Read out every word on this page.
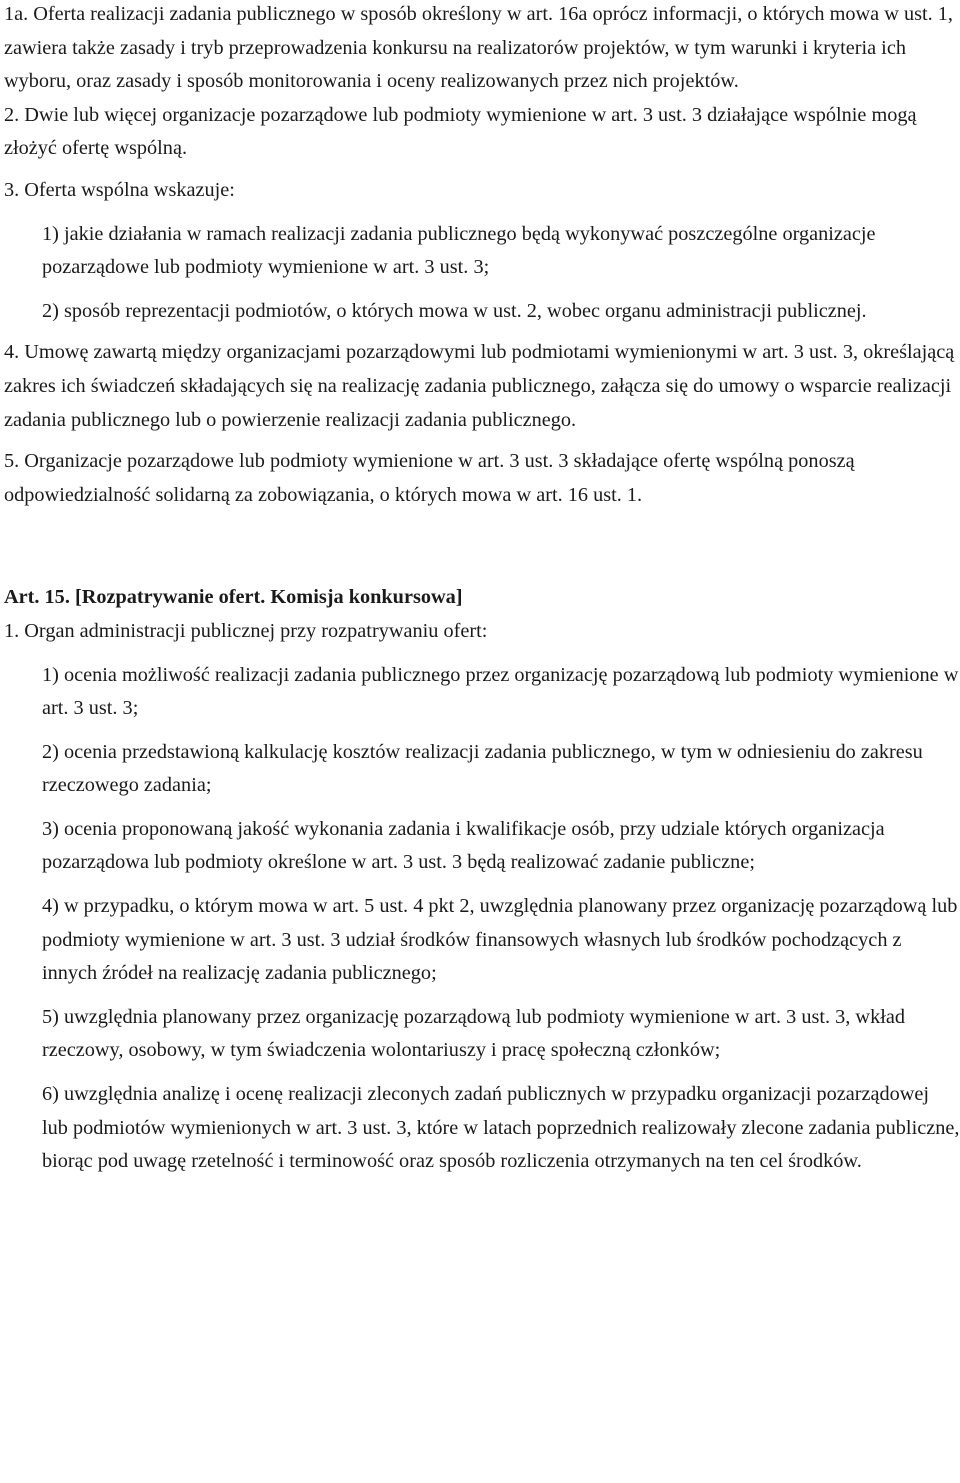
1a. Oferta realizacji zadania publicznego w sposób określony w art. 16a oprócz informacji, o których mowa w ust. 1, zawiera także zasady i tryb przeprowadzenia konkursu na realizatorów projektów, w tym warunki i kryteria ich wyboru, oraz zasady i sposób monitorowania i oceny realizowanych przez nich projektów.

2. Dwie lub więcej organizacje pozarządowe lub podmioty wymienione w art. 3 ust. 3 działające wspólnie mogą złożyć ofertę wspólną.

3. Oferta wspólna wskazuje:

1) jakie działania w ramach realizacji zadania publicznego będą wykonywać poszczególne organizacje pozarządowe lub podmioty wymienione w art. 3 ust. 3;

2) sposób reprezentacji podmiotów, o których mowa w ust. 2, wobec organu administracji publicznej.

4. Umowę zawartą między organizacjami pozarządowymi lub podmiotami wymienionymi w art. 3 ust. 3, określającą zakres ich świadczeń składających się na realizację zadania publicznego, załącza się do umowy o wsparcie realizacji zadania publicznego lub o powierzenie realizacji zadania publicznego.

5. Organizacje pozarządowe lub podmioty wymienione w art. 3 ust. 3 składające ofertę wspólną ponoszą odpowiedzialność solidarną za zobowiązania, o których mowa w art. 16 ust. 1.

Art. 15. [Rozpatrywanie ofert. Komisja konkursowa]

1. Organ administracji publicznej przy rozpatrywaniu ofert:

1) ocenia możliwość realizacji zadania publicznego przez organizację pozarządową lub podmioty wymienione w art. 3 ust. 3;

2) ocenia przedstawioną kalkulację kosztów realizacji zadania publicznego, w tym w odniesieniu do zakresu rzeczowego zadania;

3) ocenia proponowaną jakość wykonania zadania i kwalifikacje osób, przy udziale których organizacja pozarządowa lub podmioty określone w art. 3 ust. 3 będą realizować zadanie publiczne;

4) w przypadku, o którym mowa w art. 5 ust. 4 pkt 2, uwzględnia planowany przez organizację pozarządową lub podmioty wymienione w art. 3 ust. 3 udział środków finansowych własnych lub środków pochodzących z innych źródeł na realizację zadania publicznego;

5) uwzględnia planowany przez organizację pozarządową lub podmioty wymienione w art. 3 ust. 3, wkład rzeczowy, osobowy, w tym świadczenia wolontariuszy i pracę społeczną członków;

6) uwzględnia analizę i ocenę realizacji zleconych zadań publicznych w przypadku organizacji pozarządowej lub podmiotów wymienionych w art. 3 ust. 3, które w latach poprzednich realizowały zlecone zadania publiczne, biorąc pod uwagę rzetelność i terminowość oraz sposób rozliczenia otrzymanych na ten cel środków.
